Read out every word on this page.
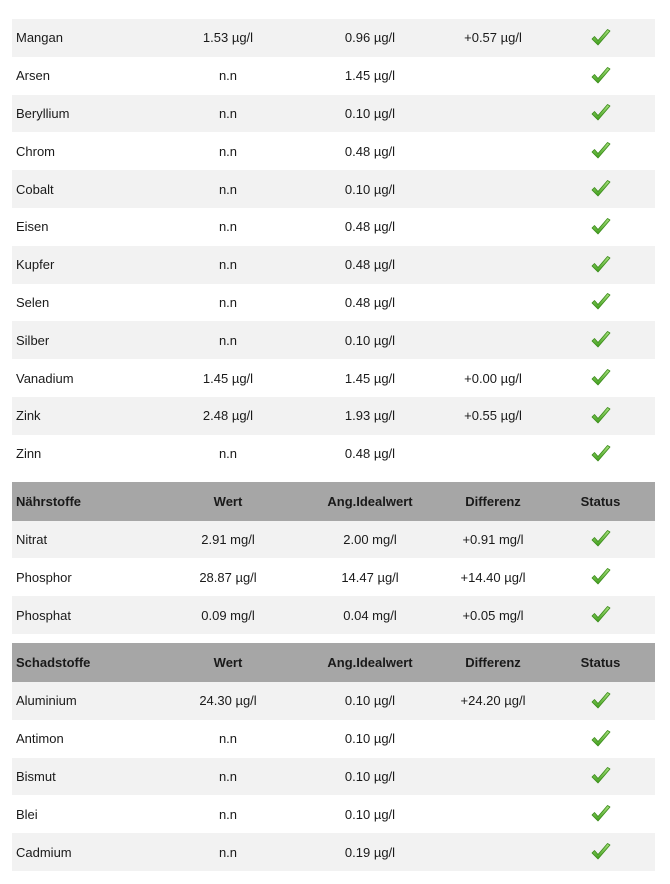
Mangan	1.53 µg/l	0.96 µg/l	+0.57 µg/l	
Arsen	n.n	1.45 µg/l		
Beryllium	n.n	0.10 µg/l		
Chrom	n.n	0.48 µg/l		
Cobalt	n.n	0.10 µg/l		
Eisen	n.n	0.48 µg/l		
Kupfer	n.n	0.48 µg/l		
Selen	n.n	0.48 µg/l		
Silber	n.n	0.10 µg/l		
Vanadium	1.45 µg/l	1.45 µg/l	+0.00 µg/l	
Zink	2.48 µg/l	1.93 µg/l	+0.55 µg/l	
Zinn	n.n	0.48 µg/l		

Nährstoffe	Wert	Ang.Idealwert	Differenz	Status
Nitrat	2.91 mg/l	2.00 mg/l	+0.91 mg/l	
Phosphor	28.87 µg/l	14.47 µg/l	+14.40 µg/l	
Phosphat	0.09 mg/l	0.04 mg/l	+0.05 mg/l	

Schadstoffe	Wert	Ang.Idealwert	Differenz	Status
Aluminium	24.30 µg/l	0.10 µg/l	+24.20 µg/l	
Antimon	n.n	0.10 µg/l		
Bismut	n.n	0.10 µg/l		
Blei	n.n	0.10 µg/l		
Cadmium	n.n	0.19 µg/l		
